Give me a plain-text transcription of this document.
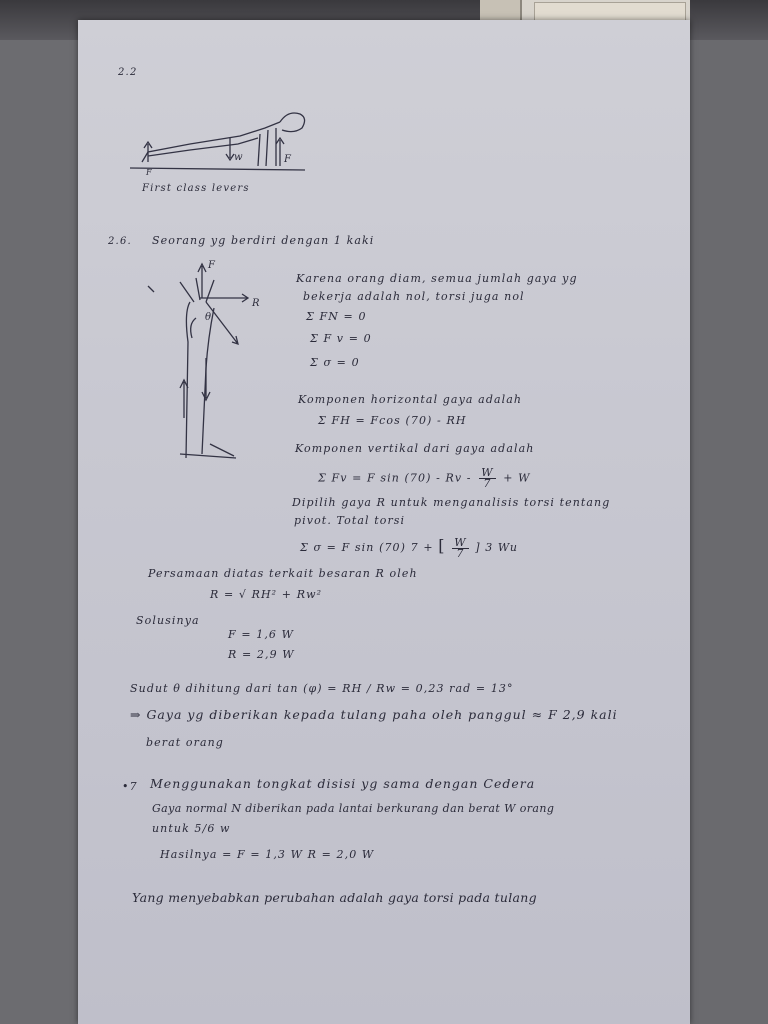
2.2
w	F
F
First class levers
2.6. Seorang yg berdiri dengan 1 kaki
F
R
θ
Karena orang diam, semua jumlah gaya yg
bekerja adalah nol, torsi juga nol
Σ FN = 0
Σ F v = 0
Σ σ = 0
Komponen horizontal gaya adalah
Σ FH = Fcos (70) - RH
Komponen vertikal dari gaya adalah
Σ Fv = F $\sin (70) - Rv - \frac{W}{7} + W$
Dipilih gaya R untuk menganalisis torsi tentang
pivot. Total torsi
Σ σ = F sin (70) 7 + [ $\frac{W}{7}$ ] 3 Wu
Persamaan diatas terkait besaran R oleh
R = √ RH² + Rw²
Solusinya
F = 1,6 W
R = 2,9 W
Sudut θ dihitung dari tan (φ) = RH / Rw = 0,23 rad = 13°
⇒ Gaya yg diberikan kepada tulang paha oleh panggul ≈ F 2,9 kali
berat orang
•7 Menggunakan tongkat disisi yg sama dengan Cedera
Gaya normal N diberikan pada lantai berkurang dan berat W orang
untuk 5/6 w
Hasilnya = F = 1,3 W R = 2,0 W
Yang menyebabkan perubahan adalah gaya torsi pada tulang
